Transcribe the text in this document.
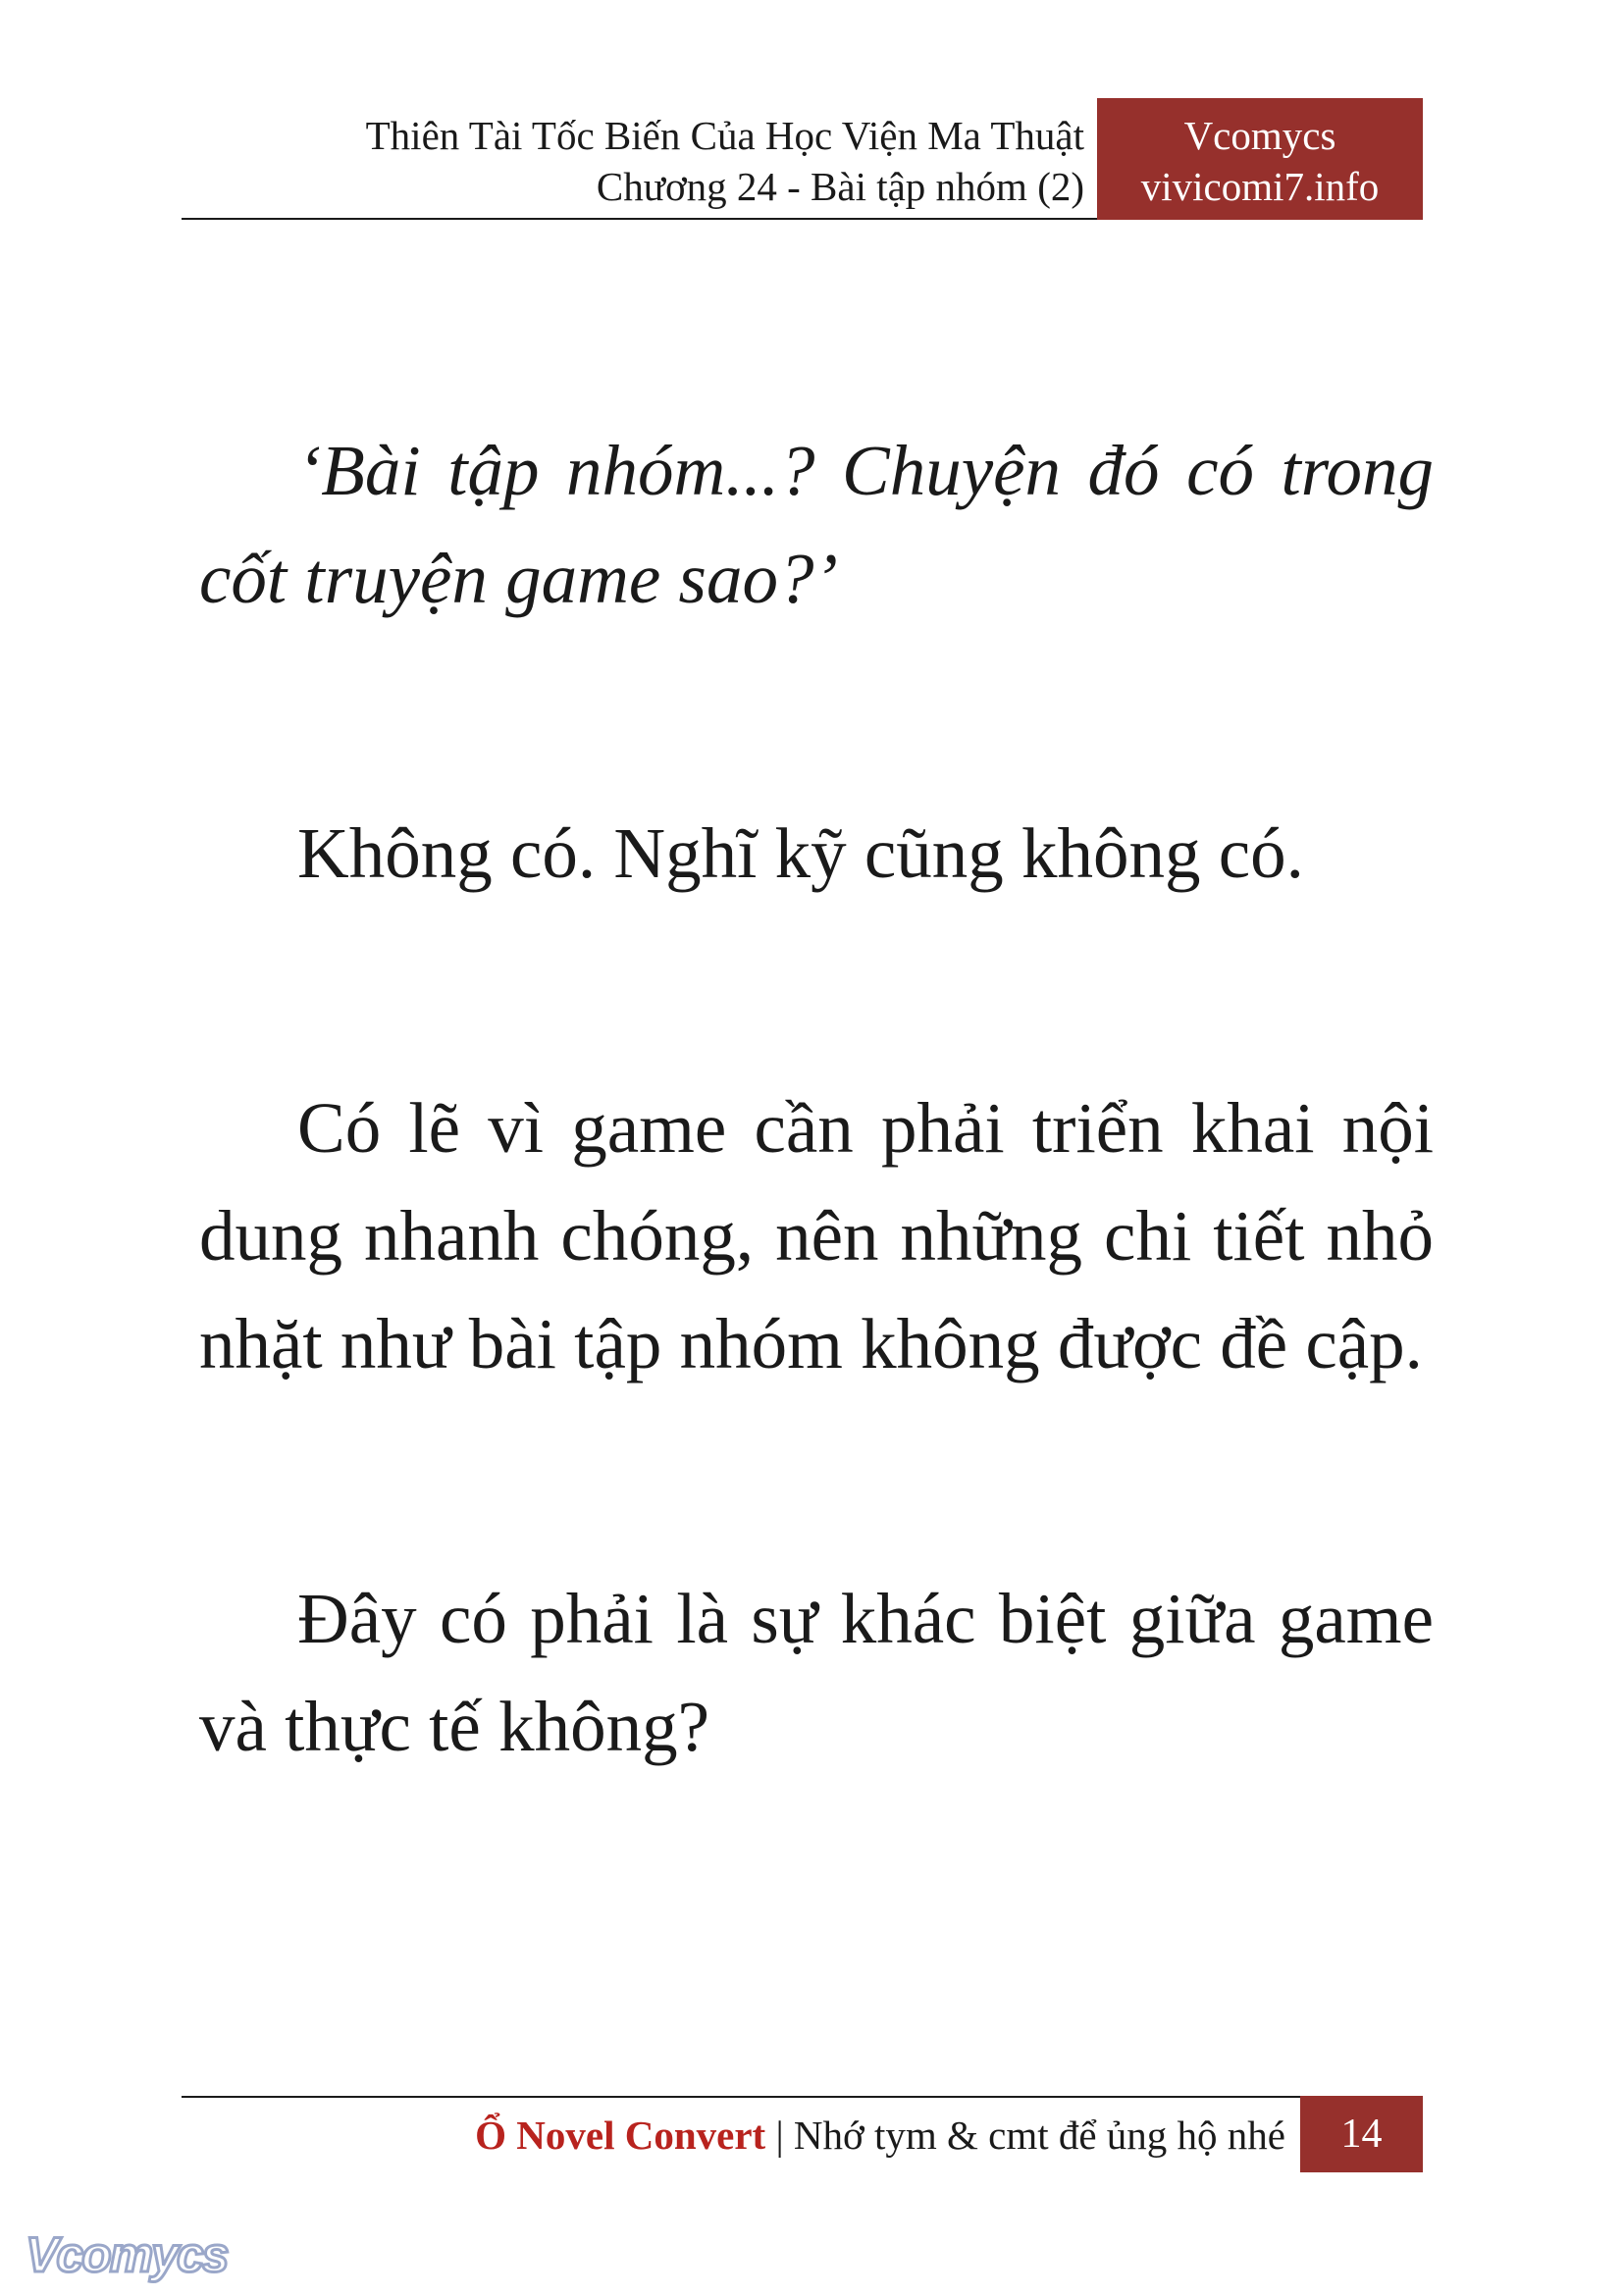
Thiên Tài Tốc Biến Của Học Viện Ma Thuật
Chương 24 - Bài tập nhóm (2)
Vcomycs
vivicomi7.info

‘Bài tập nhóm...? Chuyện đó có trong cốt truyện game sao?’

Không có. Nghĩ kỹ cũng không có.

Có lẽ vì game cần phải triển khai nội dung nhanh chóng, nên những chi tiết nhỏ nhặt như bài tập nhóm không được đề cập.

Đây có phải là sự khác biệt giữa game và thực tế không?

Ổ Novel Convert | Nhớ tym & cmt để ủng hộ nhé	14
Vcomycs
